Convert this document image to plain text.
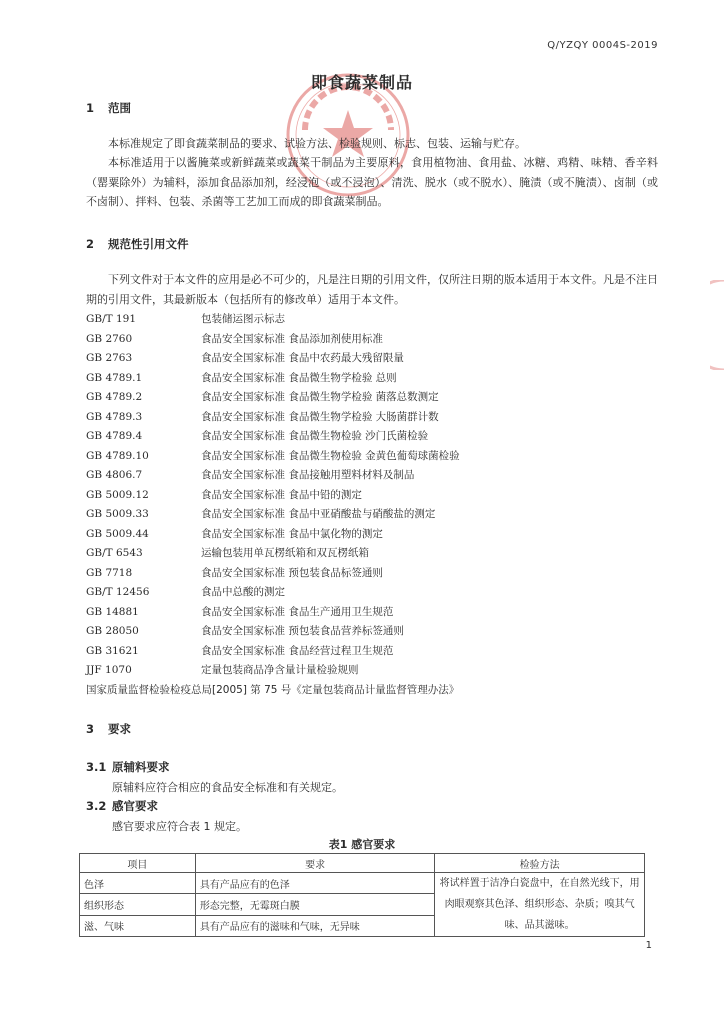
Q/YZQY 0004S-2019
即食蔬菜制品
1 范围

本标准规定了即食蔬菜制品的要求、试验方法、检验规则、标志、包装、运输与贮存。

本标准适用于以酱腌菜或新鲜蔬菜或蔬菜干制品为主要原料，食用植物油、食用盐、冰糖、鸡精、味精、香辛料（罂粟除外）为辅料，添加食品添加剂，经浸泡（或不浸泡）、清洗、脱水（或不脱水）、腌渍（或不腌渍）、卤制（或不卤制）、拌料、包装、杀菌等工艺加工而成的即食蔬菜制品。

2 规范性引用文件

下列文件对于本文件的应用是必不可少的，凡是注日期的引用文件，仅所注日期的版本适用于本文件。凡是不注日期的引用文件，其最新版本（包括所有的修改单）适用于本文件。

GB/T 191	包装储运图示标志
GB 2760	食品安全国家标准 食品添加剂使用标准
GB 2763	食品安全国家标准 食品中农药最大残留限量
GB 4789.1	食品安全国家标准 食品微生物学检验 总则
GB 4789.2	食品安全国家标准 食品微生物学检验 菌落总数测定
GB 4789.3	食品安全国家标准 食品微生物学检验 大肠菌群计数
GB 4789.4	食品安全国家标准 食品微生物检验 沙门氏菌检验
GB 4789.10	食品安全国家标准 食品微生物检验 金黄色葡萄球菌检验
GB 4806.7	食品安全国家标准 食品接触用塑料材料及制品
GB 5009.12	食品安全国家标准 食品中铅的测定
GB 5009.33	食品安全国家标准 食品中亚硝酸盐与硝酸盐的测定
GB 5009.44	食品安全国家标准 食品中氯化物的测定
GB/T 6543	运输包装用单瓦楞纸箱和双瓦楞纸箱
GB 7718	食品安全国家标准 预包装食品标签通则
GB/T 12456	食品中总酸的测定
GB 14881	食品安全国家标准 食品生产通用卫生规范
GB 28050	食品安全国家标准 预包装食品营养标签通则
GB 31621	食品安全国家标准 食品经营过程卫生规范
JJF 1070	定量包装商品净含量计量检验规则
国家质量监督检验检疫总局[2005] 第 75 号《定量包装商品计量监督管理办法》
3 要求
3.1 原辅料要求
原辅料应符合相应的食品安全标准和有关规定。
3.2 感官要求
感官要求应符合表 1 规定。
表1 感官要求
项目	要求	检验方法
色泽	具有产品应有的色泽	将试样置于洁净白瓷盘中，在自然光线下，用肉眼观察其色泽、组织形态、杂质；嗅其气味、品其滋味。
组织形态	形态完整，无霉斑白膜	
滋、气味	具有产品应有的滋味和气味，无异味	
1
